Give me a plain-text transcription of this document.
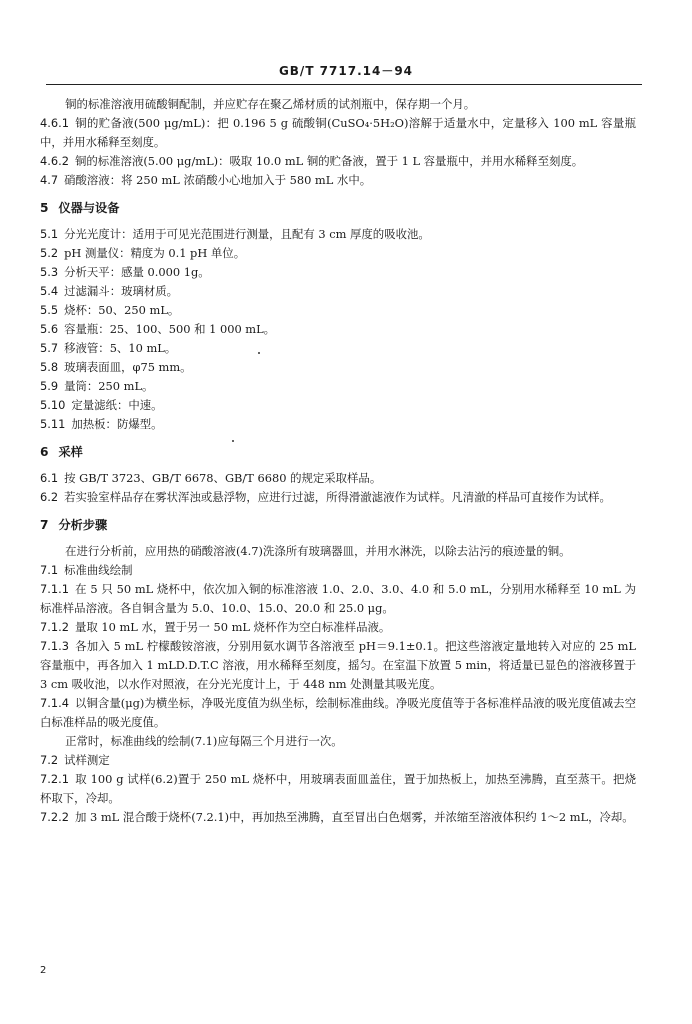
GB/T 7717.14－94

铜的标准溶液用硫酸铜配制，并应贮存在聚乙烯材质的试剂瓶中，保存期一个月。

4.6.1 铜的贮备液(500 μg/mL)：把 0.196 5 g 硫酸铜(CuSO₄·5H₂O)溶解于适量水中，定量移入 100 mL 容量瓶中，并用水稀释至刻度。

4.6.2 铜的标准溶液(5.00 μg/mL)：吸取 10.0 mL 铜的贮备液，置于 1 L 容量瓶中，并用水稀释至刻度。

4.7 硝酸溶液：将 250 mL 浓硝酸小心地加入于 580 mL 水中。

5 仪器与设备

5.1 分光光度计：适用于可见光范围进行测量，且配有 3 cm 厚度的吸收池。

5.2 pH 测量仪：精度为 0.1 pH 单位。

5.3 分析天平：感量 0.000 1g。

5.4 过滤漏斗：玻璃材质。

5.5 烧杯：50、250 mL。

5.6 容量瓶：25、100、500 和 1 000 mL。

5.7 移液管：5、10 mL。

5.8 玻璃表面皿，φ75 mm。

5.9 量筒：250 mL。

5.10 定量滤纸：中速。

5.11 加热板：防爆型。

6 采样

6.1 按 GB/T 3723、GB/T 6678、GB/T 6680 的规定采取样品。

6.2 若实验室样品存在雾状浑浊或悬浮物，应进行过滤，所得滑澈滤液作为试样。凡清澈的样品可直接作为试样。

7 分析步骤

在进行分析前，应用热的硝酸溶液(4.7)洗涤所有玻璃器皿，并用水淋洗，以除去沾污的痕迹量的铜。

7.1 标准曲线绘制

7.1.1 在 5 只 50 mL 烧杯中，依次加入铜的标准溶液 1.0、2.0、3.0、4.0 和 5.0 mL，分别用水稀释至 10 mL 为标准样品溶液。各自铜含量为 5.0、10.0、15.0、20.0 和 25.0 μg。

7.1.2 量取 10 mL 水，置于另一 50 mL 烧杯作为空白标准样品液。

7.1.3 各加入 5 mL 柠檬酸铵溶液，分别用氨水调节各溶液至 pH＝9.1±0.1。把这些溶液定量地转入对应的 25 mL 容量瓶中，再各加入 1 mLD.D.T.C 溶液，用水稀释至刻度，摇匀。在室温下放置 5 min，将适量已显色的溶液移置于 3 cm 吸收池，以水作对照液，在分光光度计上，于 448 nm 处测量其吸光度。

7.1.4 以铜含量(μg)为横坐标，净吸光度值为纵坐标，绘制标准曲线。净吸光度值等于各标准样品液的吸光度值减去空白标准样品的吸光度值。

正常时，标准曲线的绘制(7.1)应每隔三个月进行一次。

7.2 试样测定

7.2.1 取 100 g 试样(6.2)置于 250 mL 烧杯中，用玻璃表面皿盖住，置于加热板上，加热至沸腾，直至蒸干。把烧杯取下，冷却。

7.2.2 加 3 mL 混合酸于烧杯(7.2.1)中，再加热至沸腾，直至冒出白色烟雾，并浓缩至溶液体积约 1～2 mL，冷却。

2
